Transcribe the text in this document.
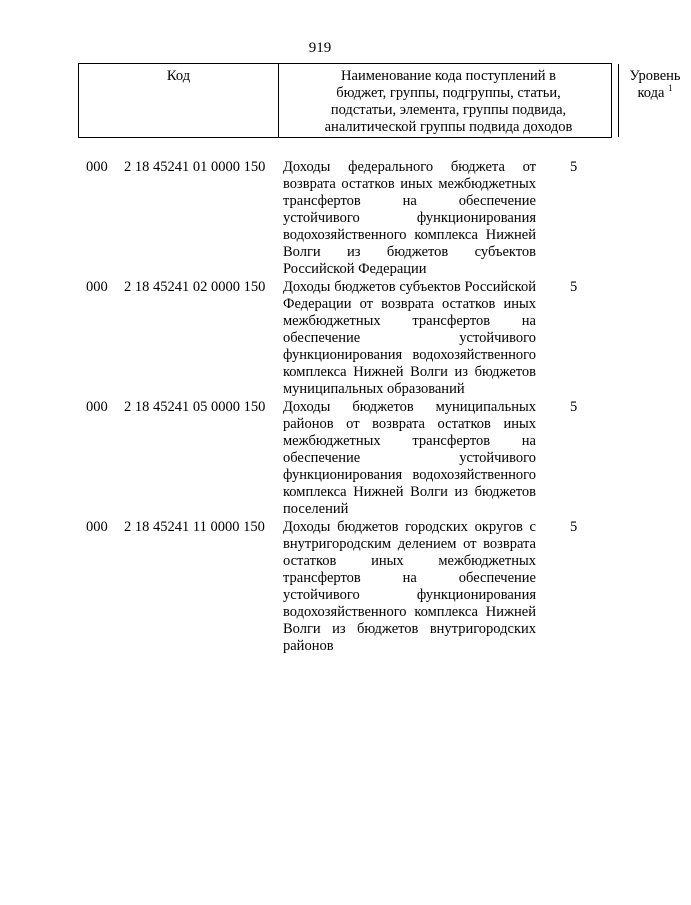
919
Код	Наименование кода поступлений в бюджет, группы, подгруппы, статьи, подстатьи, элемента, группы подвида, аналитической группы подвида доходов
Уровень кода $^1$
000 2 18 45241 01 0000 150 Доходы федерального бюджета от возврата остатков иных межбюджетных трансфертов на обеспечение устойчивого функционирования водохозяйственного комплекса Нижней Волги из бюджетов субъектов Российской Федерации
5
000 2 18 45241 02 0000 150 Доходы бюджетов субъектов Российской Федерации от возврата остатков иных межбюджетных трансфертов на обеспечение устойчивого функционирования водохозяйственного комплекса Нижней Волги из бюджетов муниципальных образований
5
000 2 18 45241 05 0000 150 Доходы бюджетов муниципальных районов от возврата остатков иных межбюджетных трансфертов на обеспечение устойчивого функционирования водохозяйственного комплекса Нижней Волги из бюджетов поселений
5
000 2 18 45241 11 0000 150 Доходы бюджетов городских округов с внутригородским делением от возврата остатков иных межбюджетных трансфертов на обеспечение устойчивого функционирования водохозяйственного комплекса Нижней Волги из бюджетов внутригородских районов
5
